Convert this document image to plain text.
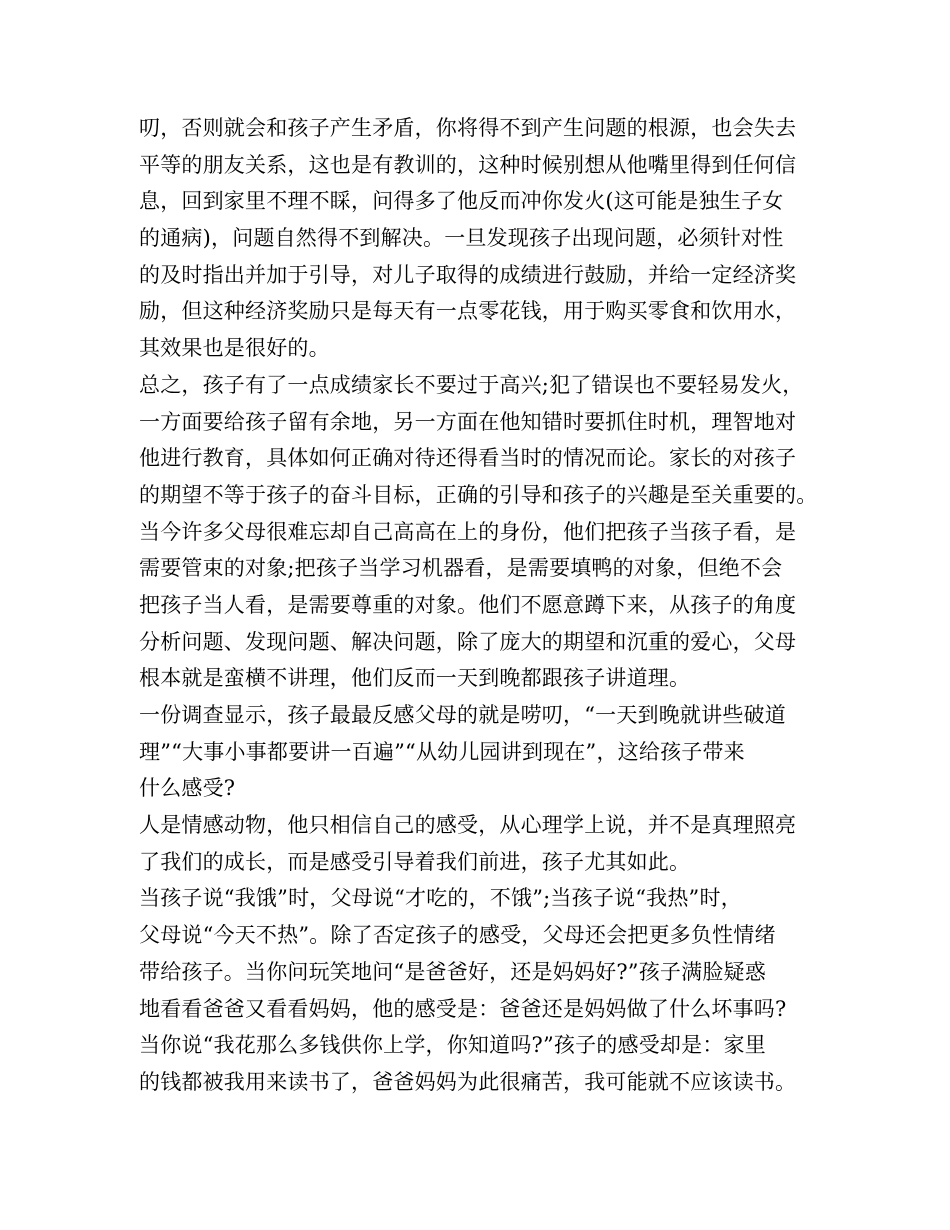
叨，否则就会和孩子产生矛盾，你将得不到产生问题的根源，也会失去
平等的朋友关系，这也是有教训的，这种时候别想从他嘴里得到任何信
息，回到家里不理不睬，问得多了他反而冲你发火(这可能是独生子女
的通病)，问题自然得不到解决。一旦发现孩子出现问题，必须针对性
的及时指出并加于引导，对儿子取得的成绩进行鼓励，并给一定经济奖
励，但这种经济奖励只是每天有一点零花钱，用于购买零食和饮用水，
其效果也是很好的。
总之，孩子有了一点成绩家长不要过于高兴;犯了错误也不要轻易发火，
一方面要给孩子留有余地，另一方面在他知错时要抓住时机，理智地对
他进行教育，具体如何正确对待还得看当时的情况而论。家长的对孩子
的期望不等于孩子的奋斗目标，正确的引导和孩子的兴趣是至关重要的。
当今许多父母很难忘却自己高高在上的身份，他们把孩子当孩子看，是
需要管束的对象;把孩子当学习机器看，是需要填鸭的对象，但绝不会
把孩子当人看，是需要尊重的对象。他们不愿意蹲下来，从孩子的角度
分析问题、发现问题、解决问题，除了庞大的期望和沉重的爱心，父母
根本就是蛮横不讲理，他们反而一天到晚都跟孩子讲道理。
一份调查显示，孩子最最反感父母的就是唠叨，“一天到晚就讲些破道
理”“大事小事都要讲一百遍”“从幼儿园讲到现在”，这给孩子带来
什么感受?
人是情感动物，他只相信自己的感受，从心理学上说，并不是真理照亮
了我们的成长，而是感受引导着我们前进，孩子尤其如此。
当孩子说“我饿”时，父母说“才吃的，不饿”;当孩子说“我热”时，
父母说“今天不热”。除了否定孩子的感受，父母还会把更多负性情绪
带给孩子。当你问玩笑地问“是爸爸好，还是妈妈好?”孩子满脸疑惑
地看看爸爸又看看妈妈，他的感受是：爸爸还是妈妈做了什么坏事吗?
当你说“我花那么多钱供你上学，你知道吗?”孩子的感受却是：家里
的钱都被我用来读书了，爸爸妈妈为此很痛苦，我可能就不应该读书。
